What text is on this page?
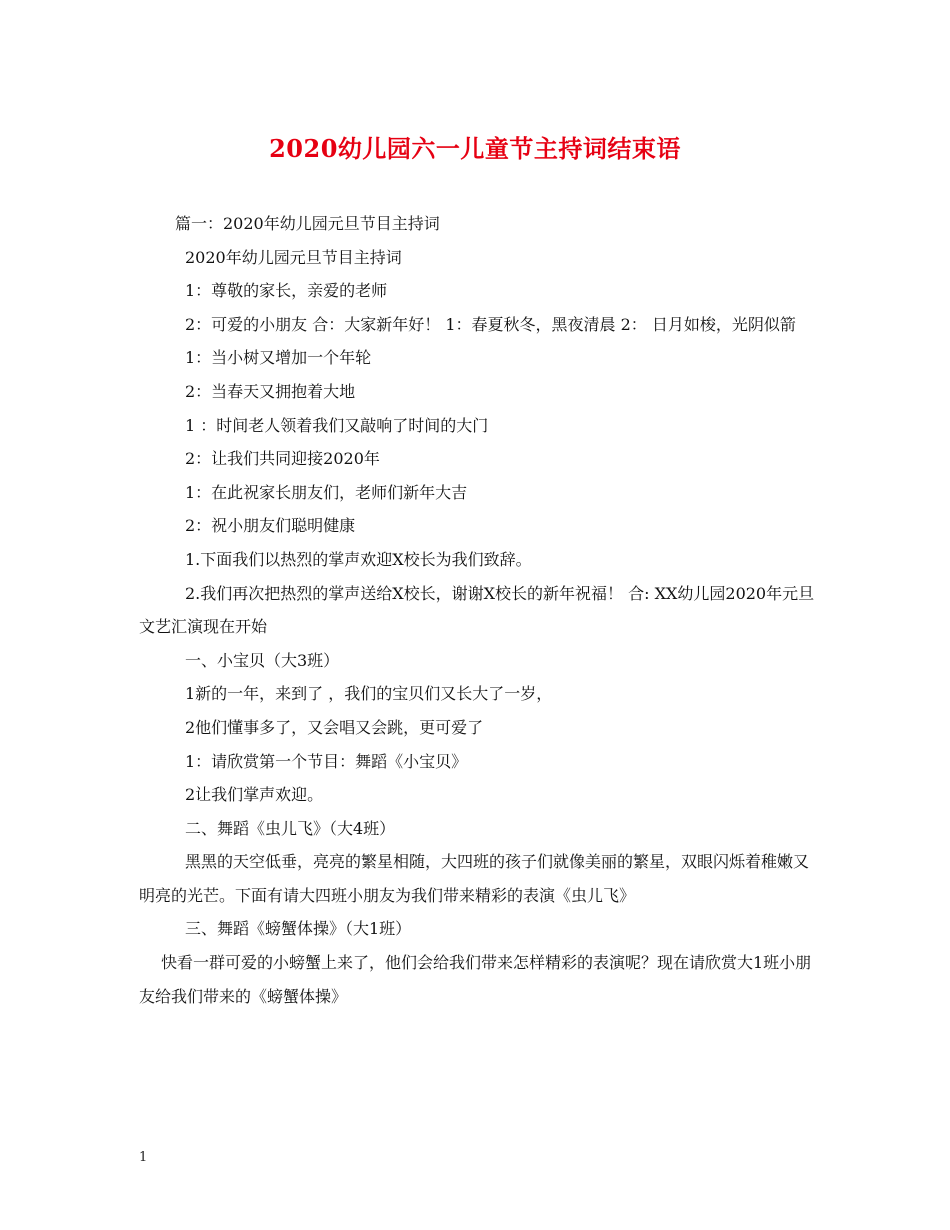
2020幼儿园六一儿童节主持词结束语

篇一：2020年幼儿园元旦节目主持词

2020年幼儿园元旦节目主持词

1：尊敬的家长，亲爱的老师

2：可爱的小朋友 合：大家新年好！ 1：春夏秋冬，黑夜清晨 2： 日月如梭，光阴似箭

1：当小树又增加一个年轮

2：当春天又拥抱着大地

1 ：时间老人领着我们又敲响了时间的大门

2：让我们共同迎接2020年

1：在此祝家长朋友们，老师们新年大吉

2：祝小朋友们聪明健康

1.下面我们以热烈的掌声欢迎X校长为我们致辞。

2.我们再次把热烈的掌声送给X校长，谢谢X校长的新年祝福！ 合: XX幼儿园2020年元旦文艺汇演现在开始

一、小宝贝（大3班）

1新的一年，来到了 ，我们的宝贝们又长大了一岁，

2他们懂事多了，又会唱又会跳，更可爱了

1：请欣赏第一个节目：舞蹈《小宝贝》

2让我们掌声欢迎。

二、舞蹈《虫儿飞》（大4班）

黑黑的天空低垂，亮亮的繁星相随，大四班的孩子们就像美丽的繁星，双眼闪烁着稚嫩又明亮的光芒。下面有请大四班小朋友为我们带来精彩的表演《虫儿飞》

三、舞蹈《螃蟹体操》（大1班）

快看一群可爱的小螃蟹上来了，他们会给我们带来怎样精彩的表演呢？现在请欣赏大1班小朋友给我们带来的《螃蟹体操》

1
